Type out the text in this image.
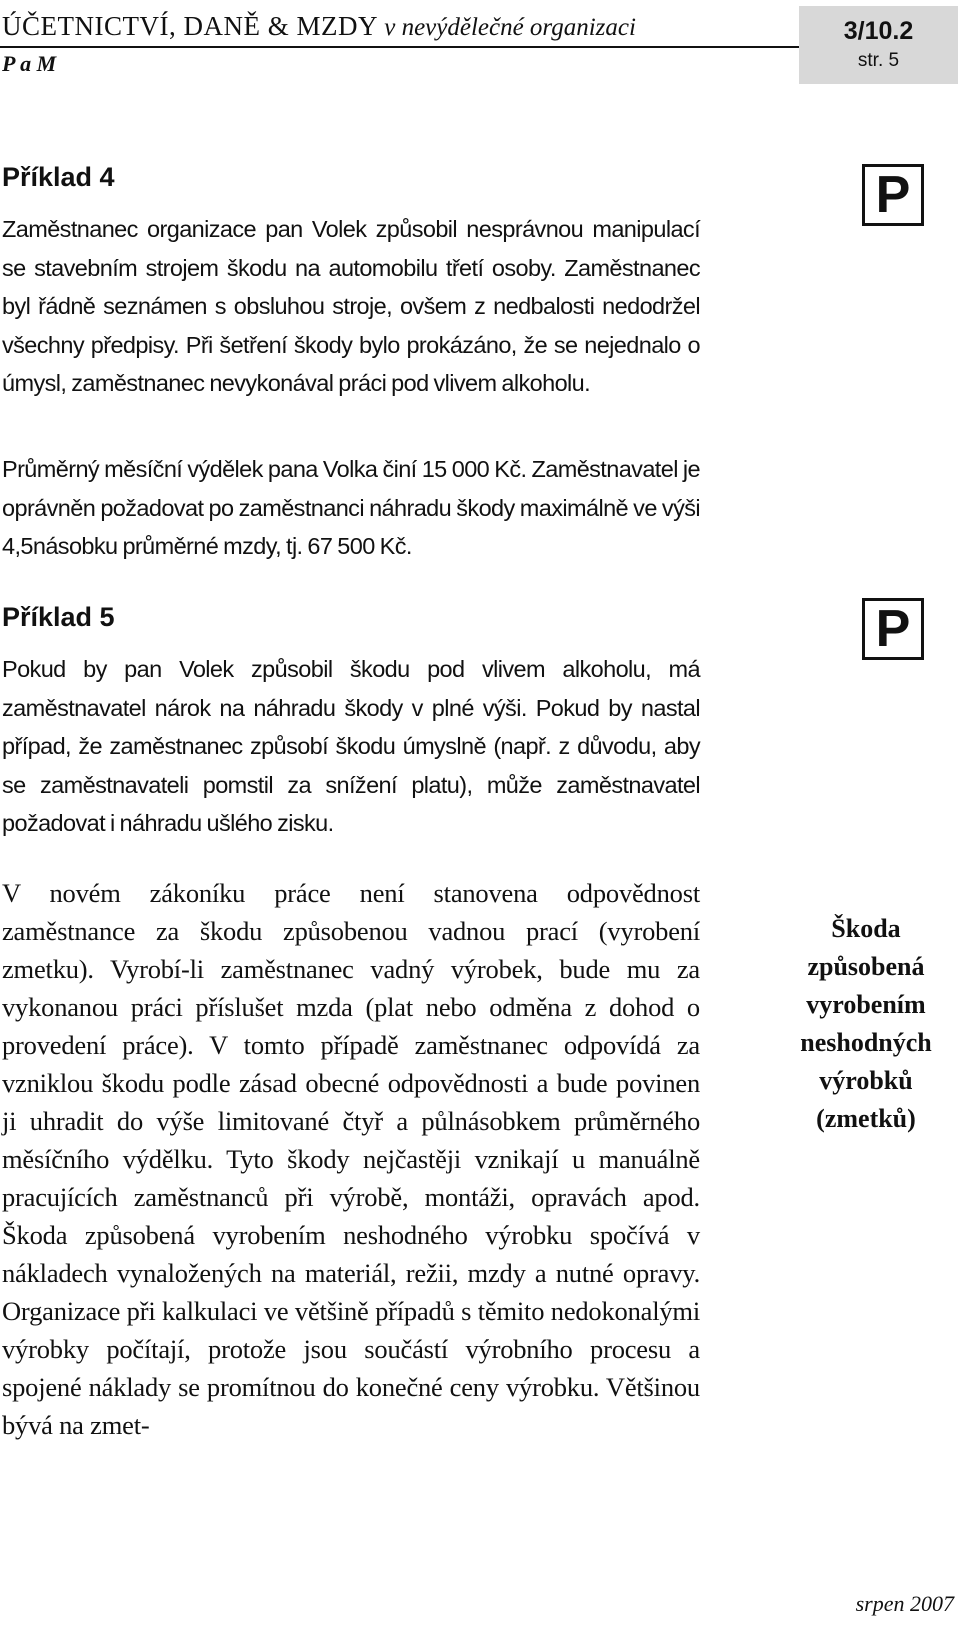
ÚČETNICTVÍ, DANĚ & MZDY v nevýdělečné organizaci
P a M
3/10.2
str. 5
Příklad 4	P
Zaměstnanec organizace pan Volek způsobil nesprávnou manipulací se stavebním strojem škodu na automobilu třetí osoby. Zaměstnanec byl řádně seznámen s obsluhou stroje, ovšem z nedbalosti nedodržel všechny předpisy. Při šetření škody bylo prokázáno, že se nejednalo o úmysl, zaměstnanec nevykonával práci pod vlivem alkoholu.
Průměrný měsíční výdělek pana Volka činí 15 000 Kč. Zaměstnavatel je oprávněn požadovat po zaměstnanci náhradu škody maximálně ve výši 4,5násobku průměrné mzdy, tj. 67 500 Kč.
Příklad 5	P
Pokud by pan Volek způsobil škodu pod vlivem alkoholu, má zaměstnavatel nárok na náhradu škody v plné výši. Pokud by nastal případ, že zaměstnanec způsobí škodu úmyslně (např. z důvodu, aby se zaměstnavateli pomstil za snížení platu), může zaměstnavatel požadovat i náhradu ušlého zisku.
V novém zákoníku práce není stanovena odpovědnost zaměstnance za škodu způsobenou vadnou prací (vyrobení zmetku). Vyrobí-li zaměstnanec vadný výrobek, bude mu za vykonanou práci příslušet mzda (plat nebo odměna z dohod o provedení práce). V tomto případě zaměstnanec odpovídá za vzniklou škodu podle zásad obecné odpovědnosti a bude povinen ji uhradit do výše limitované čtyř a půlnásobkem průměrného měsíčního výdělku. Tyto škody nejčastěji vznikají u manuálně pracujících zaměstnanců při výrobě, montáži, opravách apod. Škoda způsobená vyrobením neshodného výrobku spočívá v nákladech vynaložených na materiál, režii, mzdy a nutné opravy. Organizace při kalkulaci ve většině případů s těmito nedokonalými výrobky počítají, protože jsou součástí výrobního procesu a spojené náklady se promítnou do konečné ceny výrobku. Většinou bývá na zmet-
Škoda způsobená vyrobením neshodných výrobků (zmetků)
srpen 2007
